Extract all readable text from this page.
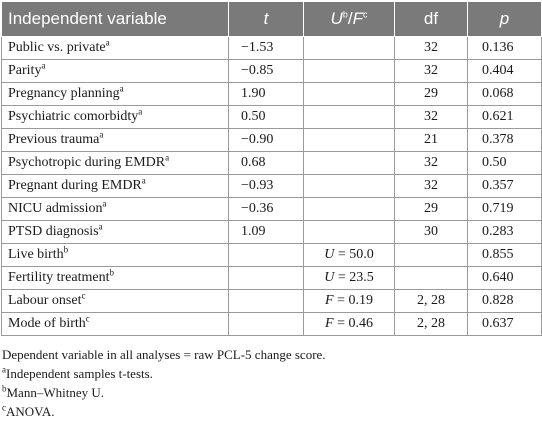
Independent variable	t	$U^b/F^c$	df	p
Public vs. private$^a$	−1.53		32	0.136
Parity$^a$	−0.85		32	0.404
Pregnancy planning$^a$	1.90		29	0.068
Psychiatric comorbidty$^a$	0.50		32	0.621
Previous trauma$^a$	−0.90		21	0.378
Psychotropic during EMDR$^a$	0.68		32	0.50
Pregnant during $EMDR^a$	−0.93		32	0.357
NICU admission$^a$	−0.36		29	0.719
PTSD diagnosis$^a$	1.09		30	0.283
Live birth$^b$		U = 50.0		0.855
Fertility treatment$^b$		U = 23.5		0.640
Labour onset$^c$		F = 0.19	2, 28	0.828
Mode of birth$^c$		F = 0.46	2, 28	0.637
Dependent variable in all analyses = raw PCL-5 change score.
$^a$Independent samples t-tests.
$^b$Mann–Whitney U.
$^c$ANOVA.
